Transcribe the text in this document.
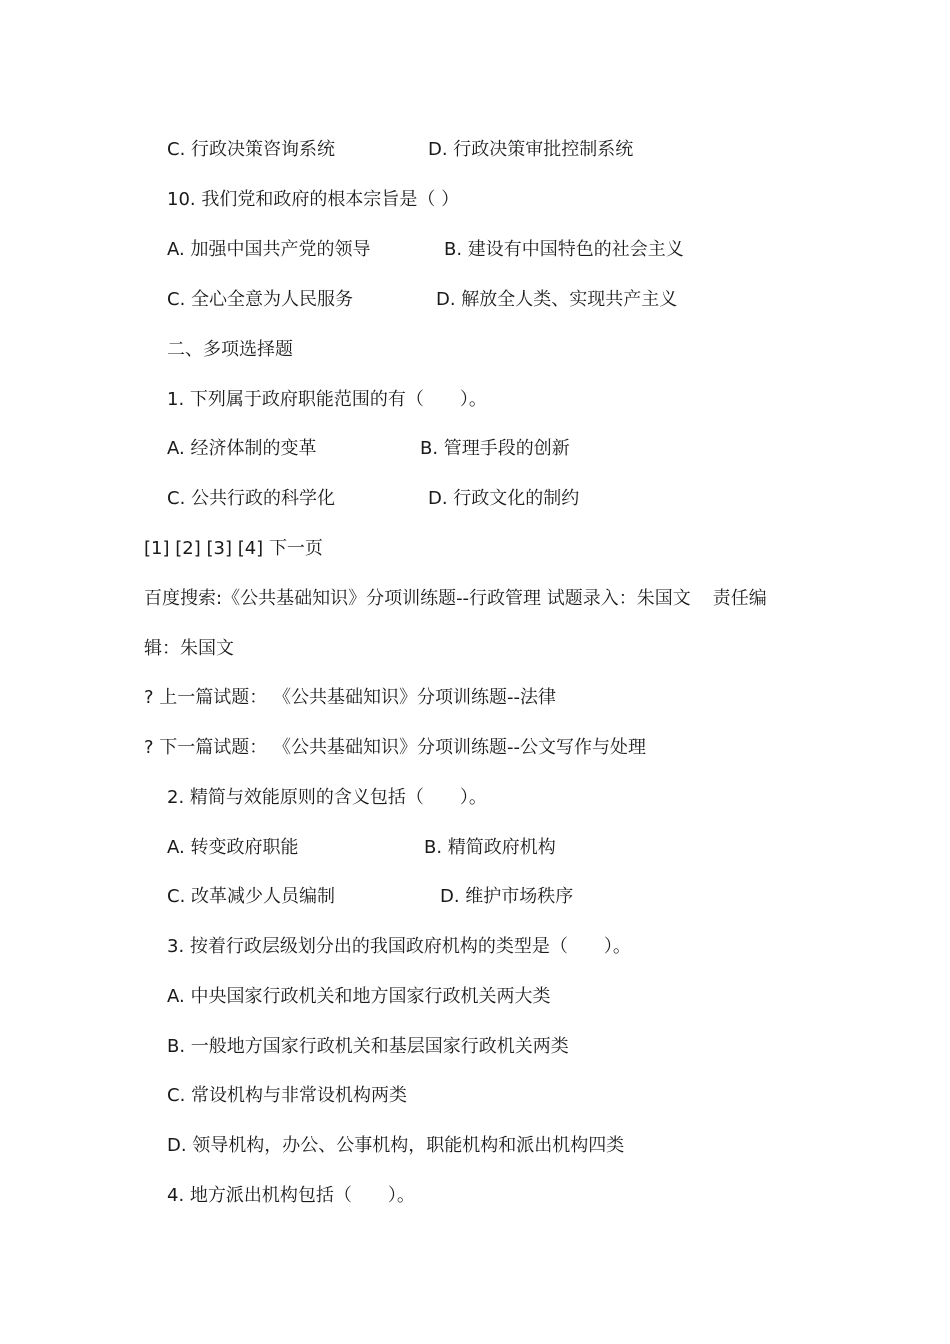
C. 行政决策咨询系统	D. 行政决策审批控制系统
10. 我们党和政府的根本宗旨是（ ）
A. 加强中国共产党的领导	B. 建设有中国特色的社会主义
C. 全心全意为人民服务	D. 解放全人类、实现共产主义
二、多项选择题
1. 下列属于政府职能范围的有（　　）。
A. 经济体制的变革	B. 管理手段的创新
C. 公共行政的科学化	D. 行政文化的制约
[1] [2] [3] [4] 下一页
百度搜索:《公共基础知识》分项训练题--行政管理 试题录入：朱国文 责任编
辑：朱国文
? 上一篇试题： 《公共基础知识》分项训练题--法律
? 下一篇试题： 《公共基础知识》分项训练题--公文写作与处理
2. 精简与效能原则的含义包括（　　）。
A. 转变政府职能	B. 精简政府机构
C. 改革减少人员编制	D. 维护市场秩序
3. 按着行政层级划分出的我国政府机构的类型是（　　）。
A. 中央国家行政机关和地方国家行政机关两大类
B. 一般地方国家行政机关和基层国家行政机关两类
C. 常设机构与非常设机构两类
D. 领导机构，办公、公事机构，职能机构和派出机构四类
4. 地方派出机构包括（　　）。
